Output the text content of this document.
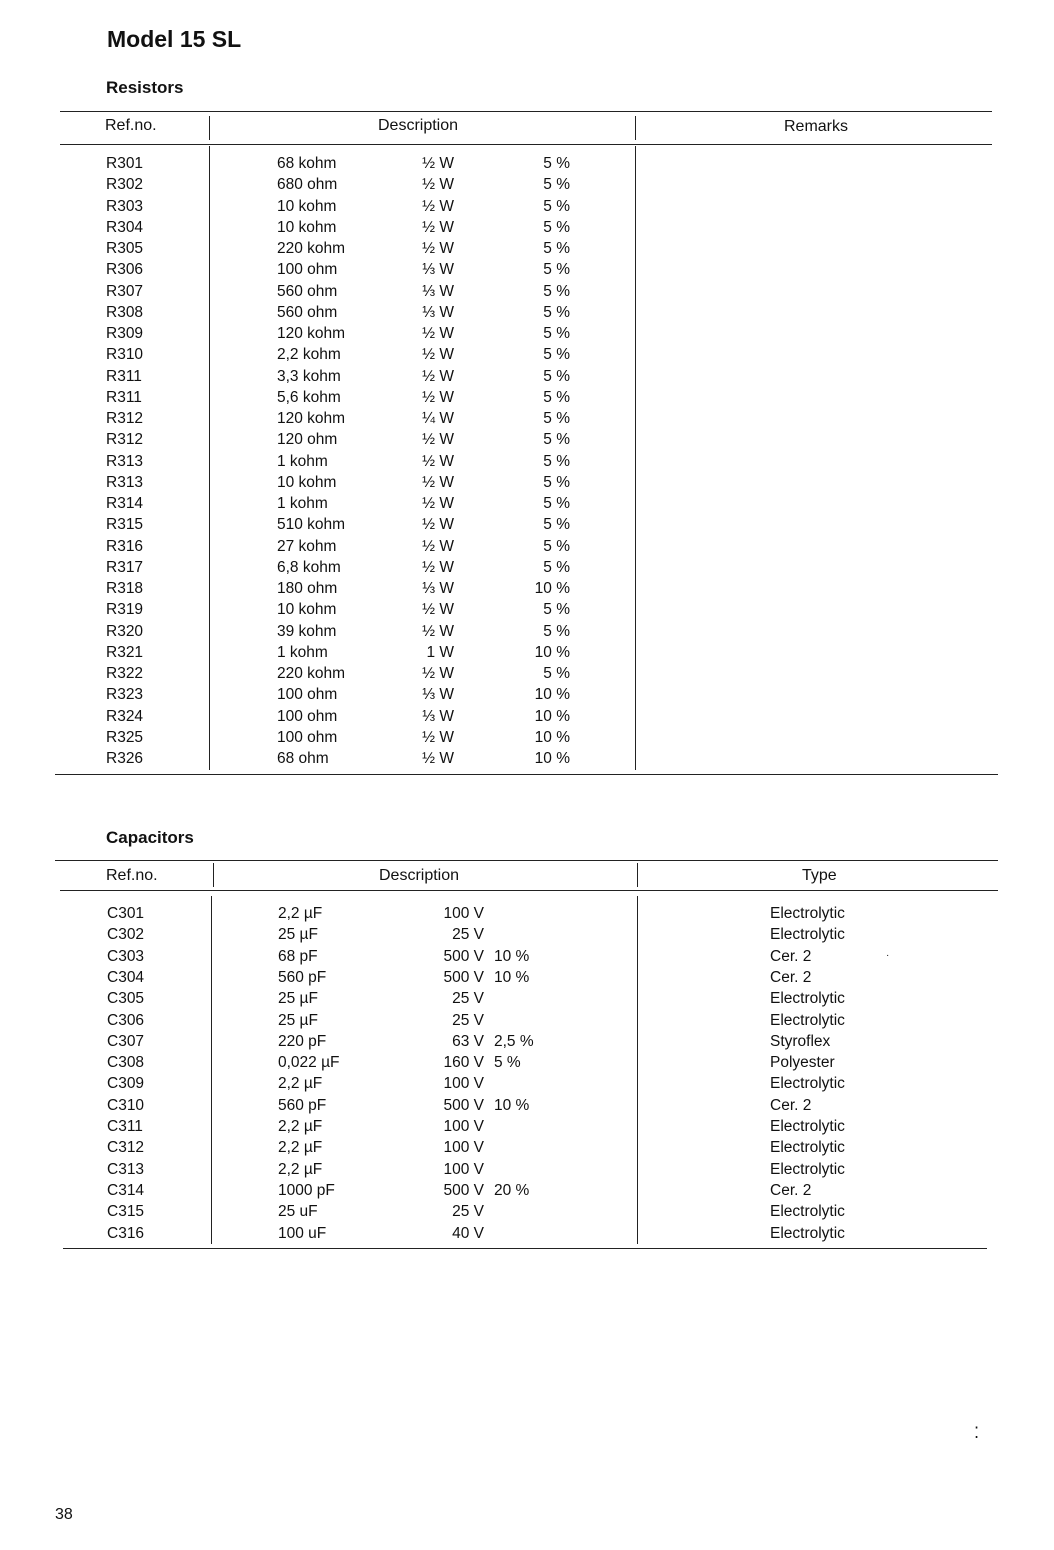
Model 15 SL
Resistors
Ref.no.	Description	Remarks
R301	68 kohm	½ W	5 %
R302	680 ohm	½ W	5 %
R303	10 kohm	½ W	5 %
R304	10 kohm	½ W	5 %
R305	220 kohm	½ W	5 %
R306	100 ohm	⅓ W	5 %
R307	560 ohm	⅓ W	5 %
R308	560 ohm	⅓ W	5 %
R309	120 kohm	½ W	5 %
R310	2,2 kohm	½ W	5 %
R311	3,3 kohm	½ W	5 %
R311	5,6 kohm	½ W	5 %
R312	120 kohm	¼ W	5 %
R312	120 ohm	½ W	5 %
R313	1 kohm	½ W	5 %
R313	10 kohm	½ W	5 %
R314	1 kohm	½ W	5 %
R315	510 kohm	½ W	5 %
R316	27 kohm	½ W	5 %
R317	6,8 kohm	½ W	5 %
R318	180 ohm	⅓ W	10 %
R319	10 kohm	½ W	5 %
R320	39 kohm	½ W	5 %
R321	1 kohm	1 W	10 %
R322	220 kohm	½ W	5 %
R323	100 ohm	⅓ W	10 %
R324	100 ohm	⅓ W	10 %
R325	100 ohm	½ W	10 %
R326	68 ohm	½ W	10 %
Capacitors
Ref.no.	Description	Type
C301	2,2 µF	100 V	Electrolytic
C302	25 µF	25 V	Electrolytic
C303	68 pF	500 V 10 %	Cer. 2
C304	560 pF	500 V 10 %	Cer. 2
C305	25 µF	25 V	Electrolytic
C306	25 µF	25 V	Electrolytic
C307	220 pF	63 V 2,5 %	Styroflex
C308	0,022 µF	160 V 5 %	Polyester
C309	2,2 µF	100 V	Electrolytic
C310	560 pF	500 V 10 %	Cer. 2
C311	2,2 µF	100 V	Electrolytic
C312	2,2 µF	100 V	Electrolytic
C313	2,2 µF	100 V	Electrolytic
C314	1000 pF	500 V 20 %	Cer. 2
C315	25 uF	25 V	Electrolytic
C316	100 uF	40 V	Electrolytic
·
⁚
38
